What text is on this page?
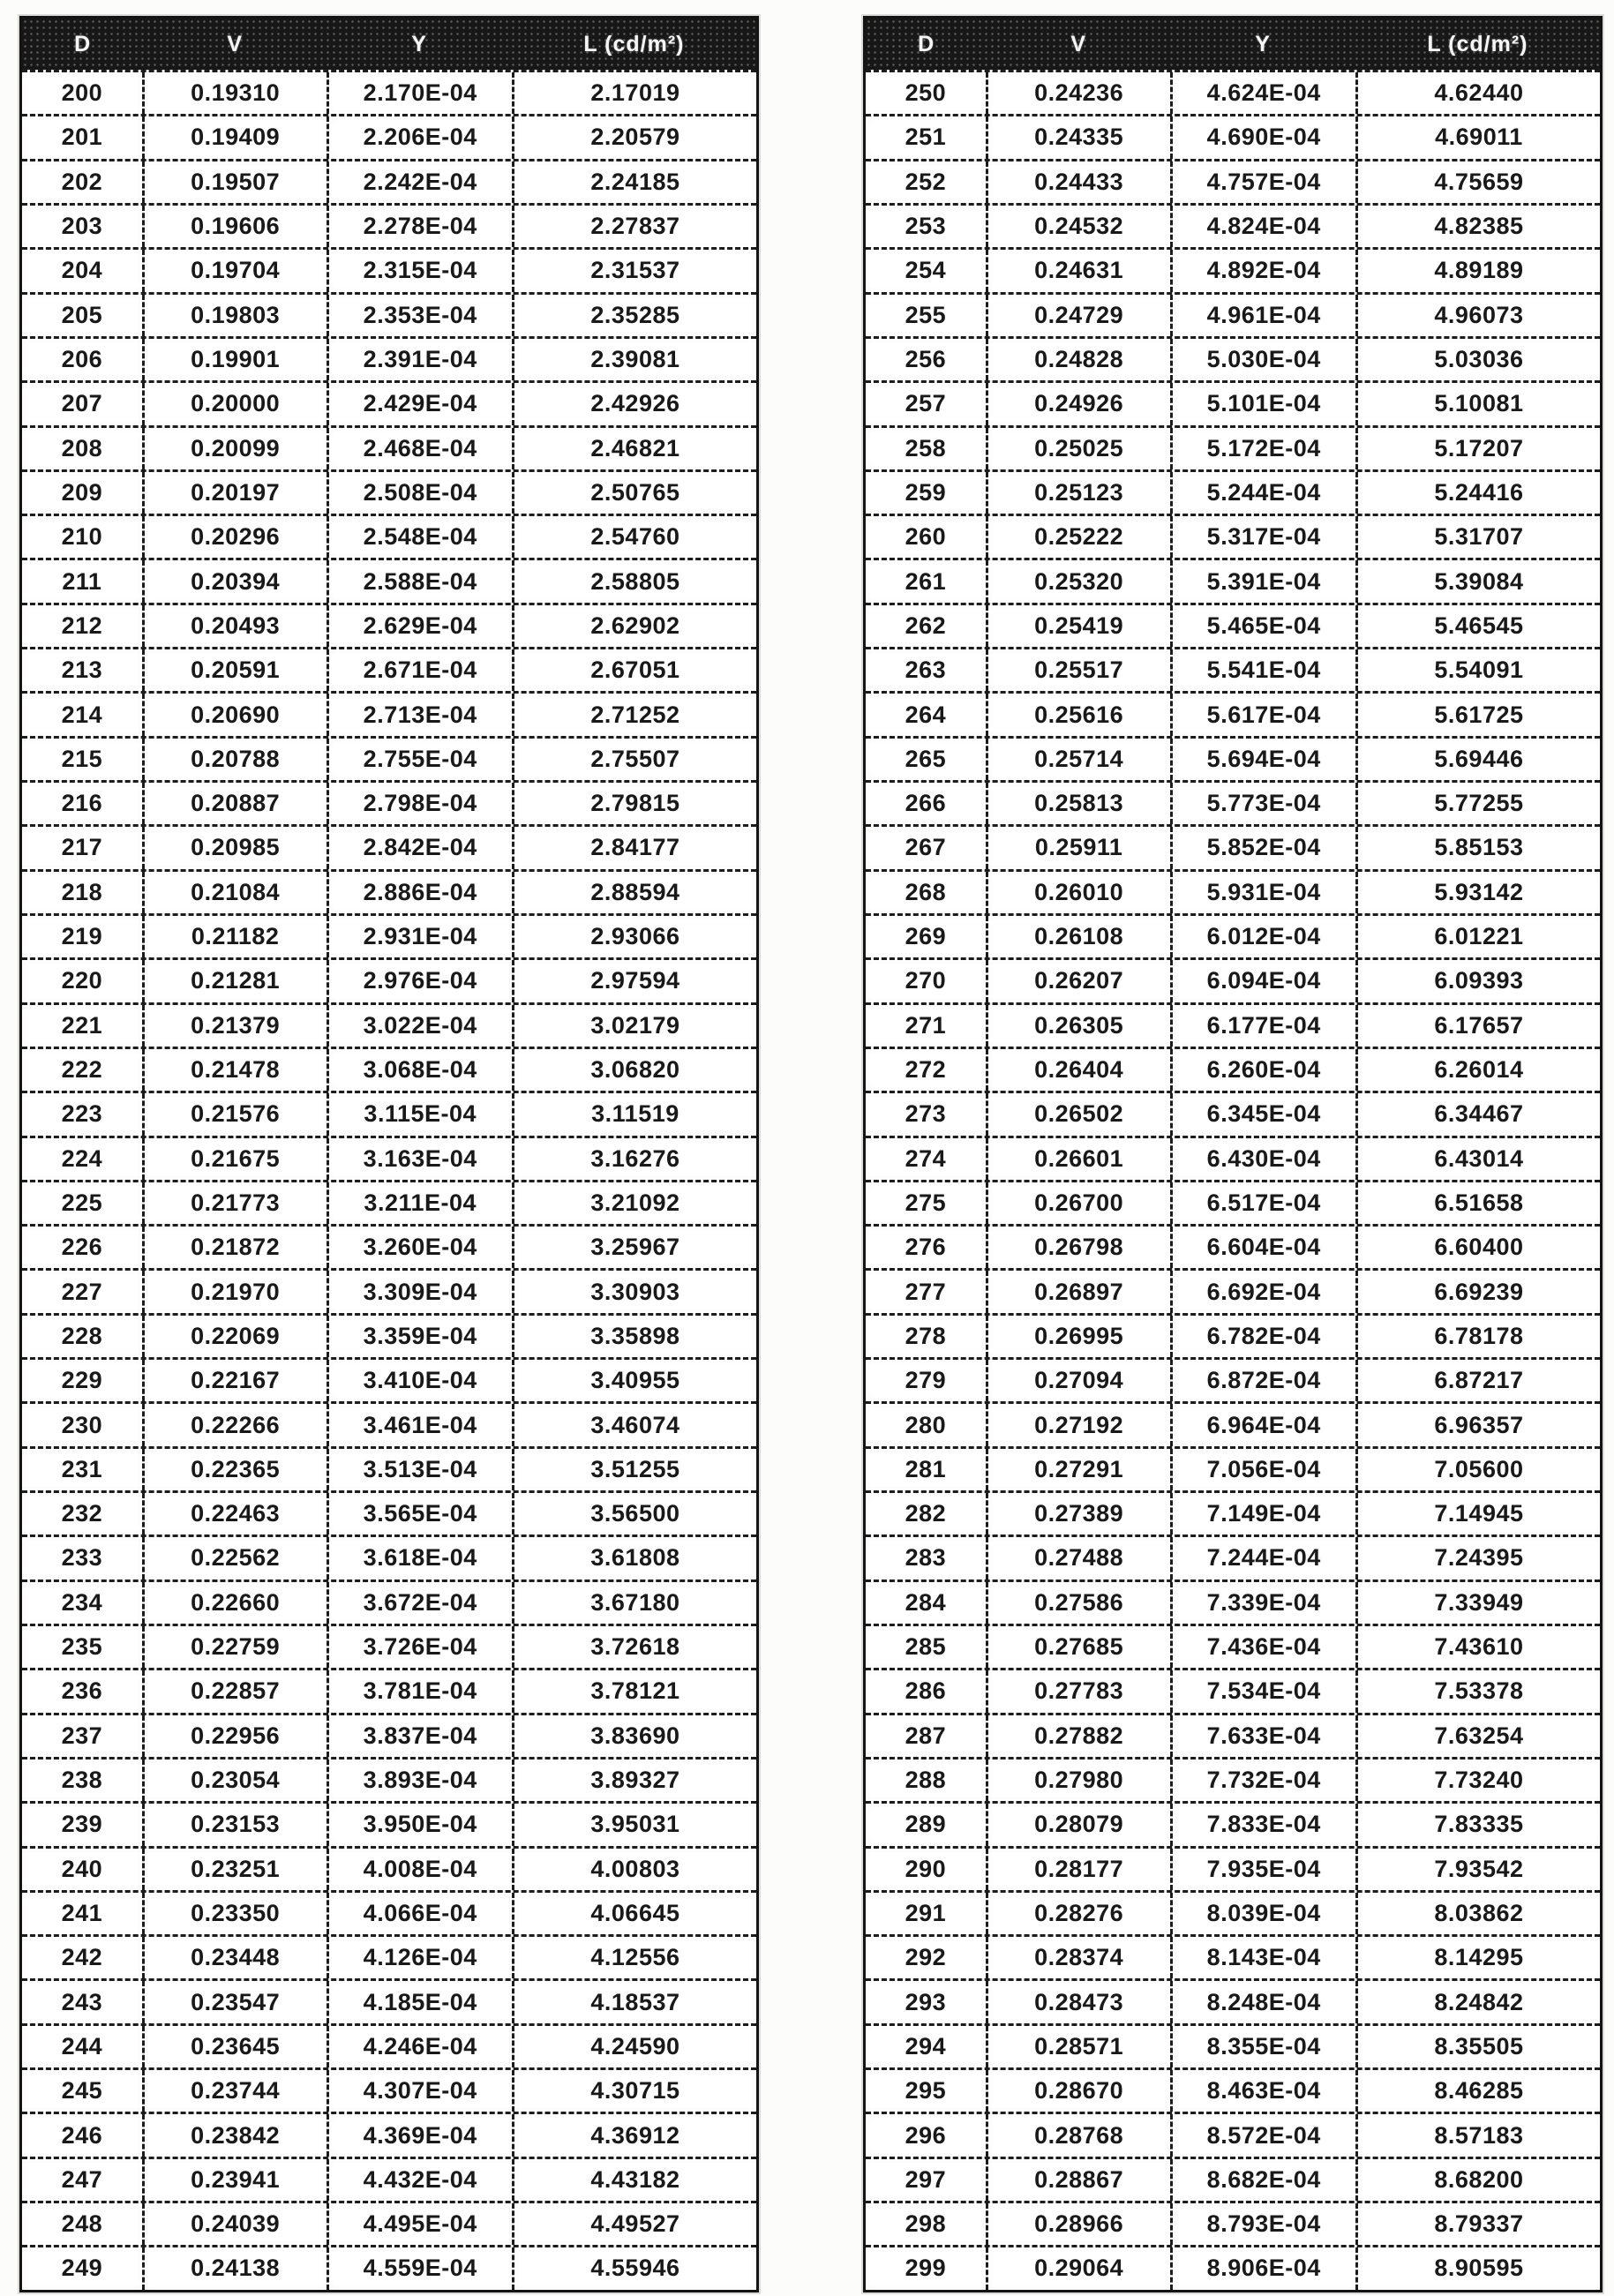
D	V	Y	L (cd/m²)
200	0.19310	2.170E-04	2.17019
201	0.19409	2.206E-04	2.20579
202	0.19507	2.242E-04	2.24185
203	0.19606	2.278E-04	2.27837
204	0.19704	2.315E-04	2.31537
205	0.19803	2.353E-04	2.35285
206	0.19901	2.391E-04	2.39081
207	0.20000	2.429E-04	2.42926
208	0.20099	2.468E-04	2.46821
209	0.20197	2.508E-04	2.50765
210	0.20296	2.548E-04	2.54760
211	0.20394	2.588E-04	2.58805
212	0.20493	2.629E-04	2.62902
213	0.20591	2.671E-04	2.67051
214	0.20690	2.713E-04	2.71252
215	0.20788	2.755E-04	2.75507
216	0.20887	2.798E-04	2.79815
217	0.20985	2.842E-04	2.84177
218	0.21084	2.886E-04	2.88594
219	0.21182	2.931E-04	2.93066
220	0.21281	2.976E-04	2.97594
221	0.21379	3.022E-04	3.02179
222	0.21478	3.068E-04	3.06820
223	0.21576	3.115E-04	3.11519
224	0.21675	3.163E-04	3.16276
225	0.21773	3.211E-04	3.21092
226	0.21872	3.260E-04	3.25967
227	0.21970	3.309E-04	3.30903
228	0.22069	3.359E-04	3.35898
229	0.22167	3.410E-04	3.40955
230	0.22266	3.461E-04	3.46074
231	0.22365	3.513E-04	3.51255
232	0.22463	3.565E-04	3.56500
233	0.22562	3.618E-04	3.61808
234	0.22660	3.672E-04	3.67180
235	0.22759	3.726E-04	3.72618
236	0.22857	3.781E-04	3.78121
237	0.22956	3.837E-04	3.83690
238	0.23054	3.893E-04	3.89327
239	0.23153	3.950E-04	3.95031
240	0.23251	4.008E-04	4.00803
241	0.23350	4.066E-04	4.06645
242	0.23448	4.126E-04	4.12556
243	0.23547	4.185E-04	4.18537
244	0.23645	4.246E-04	4.24590
245	0.23744	4.307E-04	4.30715
246	0.23842	4.369E-04	4.36912
247	0.23941	4.432E-04	4.43182
248	0.24039	4.495E-04	4.49527
249	0.24138	4.559E-04	4.55946
D	V	Y	L (cd/m²)
250	0.24236	4.624E-04	4.62440
251	0.24335	4.690E-04	4.69011
252	0.24433	4.757E-04	4.75659
253	0.24532	4.824E-04	4.82385
254	0.24631	4.892E-04	4.89189
255	0.24729	4.961E-04	4.96073
256	0.24828	5.030E-04	5.03036
257	0.24926	5.101E-04	5.10081
258	0.25025	5.172E-04	5.17207
259	0.25123	5.244E-04	5.24416
260	0.25222	5.317E-04	5.31707
261	0.25320	5.391E-04	5.39084
262	0.25419	5.465E-04	5.46545
263	0.25517	5.541E-04	5.54091
264	0.25616	5.617E-04	5.61725
265	0.25714	5.694E-04	5.69446
266	0.25813	5.773E-04	5.77255
267	0.25911	5.852E-04	5.85153
268	0.26010	5.931E-04	5.93142
269	0.26108	6.012E-04	6.01221
270	0.26207	6.094E-04	6.09393
271	0.26305	6.177E-04	6.17657
272	0.26404	6.260E-04	6.26014
273	0.26502	6.345E-04	6.34467
274	0.26601	6.430E-04	6.43014
275	0.26700	6.517E-04	6.51658
276	0.26798	6.604E-04	6.60400
277	0.26897	6.692E-04	6.69239
278	0.26995	6.782E-04	6.78178
279	0.27094	6.872E-04	6.87217
280	0.27192	6.964E-04	6.96357
281	0.27291	7.056E-04	7.05600
282	0.27389	7.149E-04	7.14945
283	0.27488	7.244E-04	7.24395
284	0.27586	7.339E-04	7.33949
285	0.27685	7.436E-04	7.43610
286	0.27783	7.534E-04	7.53378
287	0.27882	7.633E-04	7.63254
288	0.27980	7.732E-04	7.73240
289	0.28079	7.833E-04	7.83335
290	0.28177	7.935E-04	7.93542
291	0.28276	8.039E-04	8.03862
292	0.28374	8.143E-04	8.14295
293	0.28473	8.248E-04	8.24842
294	0.28571	8.355E-04	8.35505
295	0.28670	8.463E-04	8.46285
296	0.28768	8.572E-04	8.57183
297	0.28867	8.682E-04	8.68200
298	0.28966	8.793E-04	8.79337
299	0.29064	8.906E-04	8.90595
